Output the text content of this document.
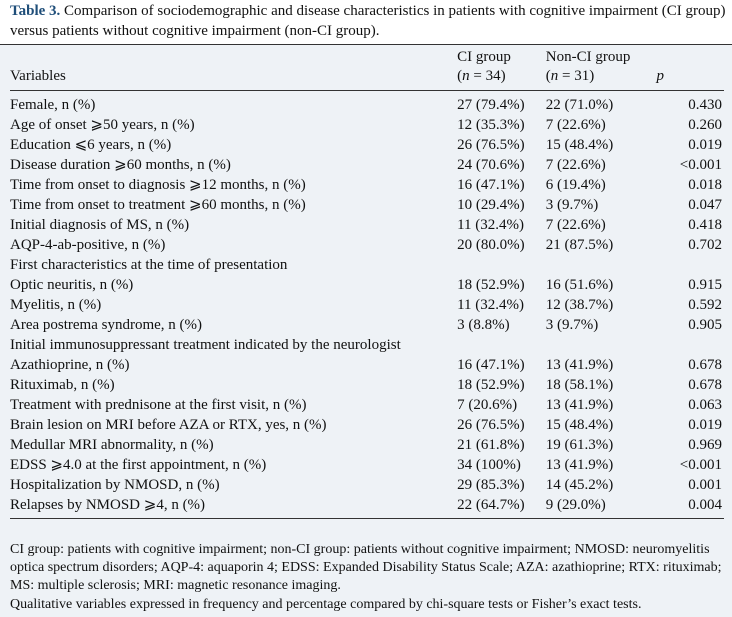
Table 3. Comparison of sociodemographic and disease characteristics in patients with cognitive impairment (CI group) versus patients without cognitive impairment (non-CI group).
	CI group	Non-CI group	
Variables	(n = 34)	(n = 31)	p
Female, n (%)	27 (79.4%)	22 (71.0%)	0.430
Age of onset ⩾50 years, n (%)	12 (35.3%)	7 (22.6%)	0.260
Education ⩽6 years, n (%)	26 (76.5%)	15 (48.4%)	0.019
Disease duration ⩾60 months, n (%)	24 (70.6%)	7 (22.6%)	<0.001
Time from onset to diagnosis ⩾12 months, n (%)	16 (47.1%)	6 (19.4%)	0.018
Time from onset to treatment ⩾60 months, n (%)	10 (29.4%)	3 (9.7%)	0.047
Initial diagnosis of MS, n (%)	11 (32.4%)	7 (22.6%)	0.418
AQP-4-ab-positive, n (%)	20 (80.0%)	21 (87.5%)	0.702
First characteristics at the time of presentation			
Optic neuritis, n (%)	18 (52.9%)	16 (51.6%)	0.915
Myelitis, n (%)	11 (32.4%)	12 (38.7%)	0.592
Area postrema syndrome, n (%)	3 (8.8%)	3 (9.7%)	0.905
Initial immunosuppressant treatment indicated by the neurologist			
Azathioprine, n (%)	16 (47.1%)	13 (41.9%)	0.678
Rituximab, n (%)	18 (52.9%)	18 (58.1%)	0.678
Treatment with prednisone at the first visit, n (%)	7 (20.6%)	13 (41.9%)	0.063
Brain lesion on MRI before AZA or RTX, yes, n (%)	26 (76.5%)	15 (48.4%)	0.019
Medullar MRI abnormality, n (%)	21 (61.8%)	19 (61.3%)	0.969
EDSS ⩾4.0 at the first appointment, n (%)	34 (100%)	13 (41.9%)	<0.001
Hospitalization by NMOSD, n (%)	29 (85.3%)	14 (45.2%)	0.001
Relapses by NMOSD ⩾4, n (%)	22 (64.7%)	9 (29.0%)	0.004

CI group: patients with cognitive impairment; non-CI group: patients without cognitive impairment; NMOSD: neuromyelitis optica spectrum disorders; AQP-4: aquaporin 4; EDSS: Expanded Disability Status Scale; AZA: azathioprine; RTX: rituximab; MS: multiple sclerosis; MRI: magnetic resonance imaging.

Qualitative variables expressed in frequency and percentage compared by chi-square tests or Fisher’s exact tests.
